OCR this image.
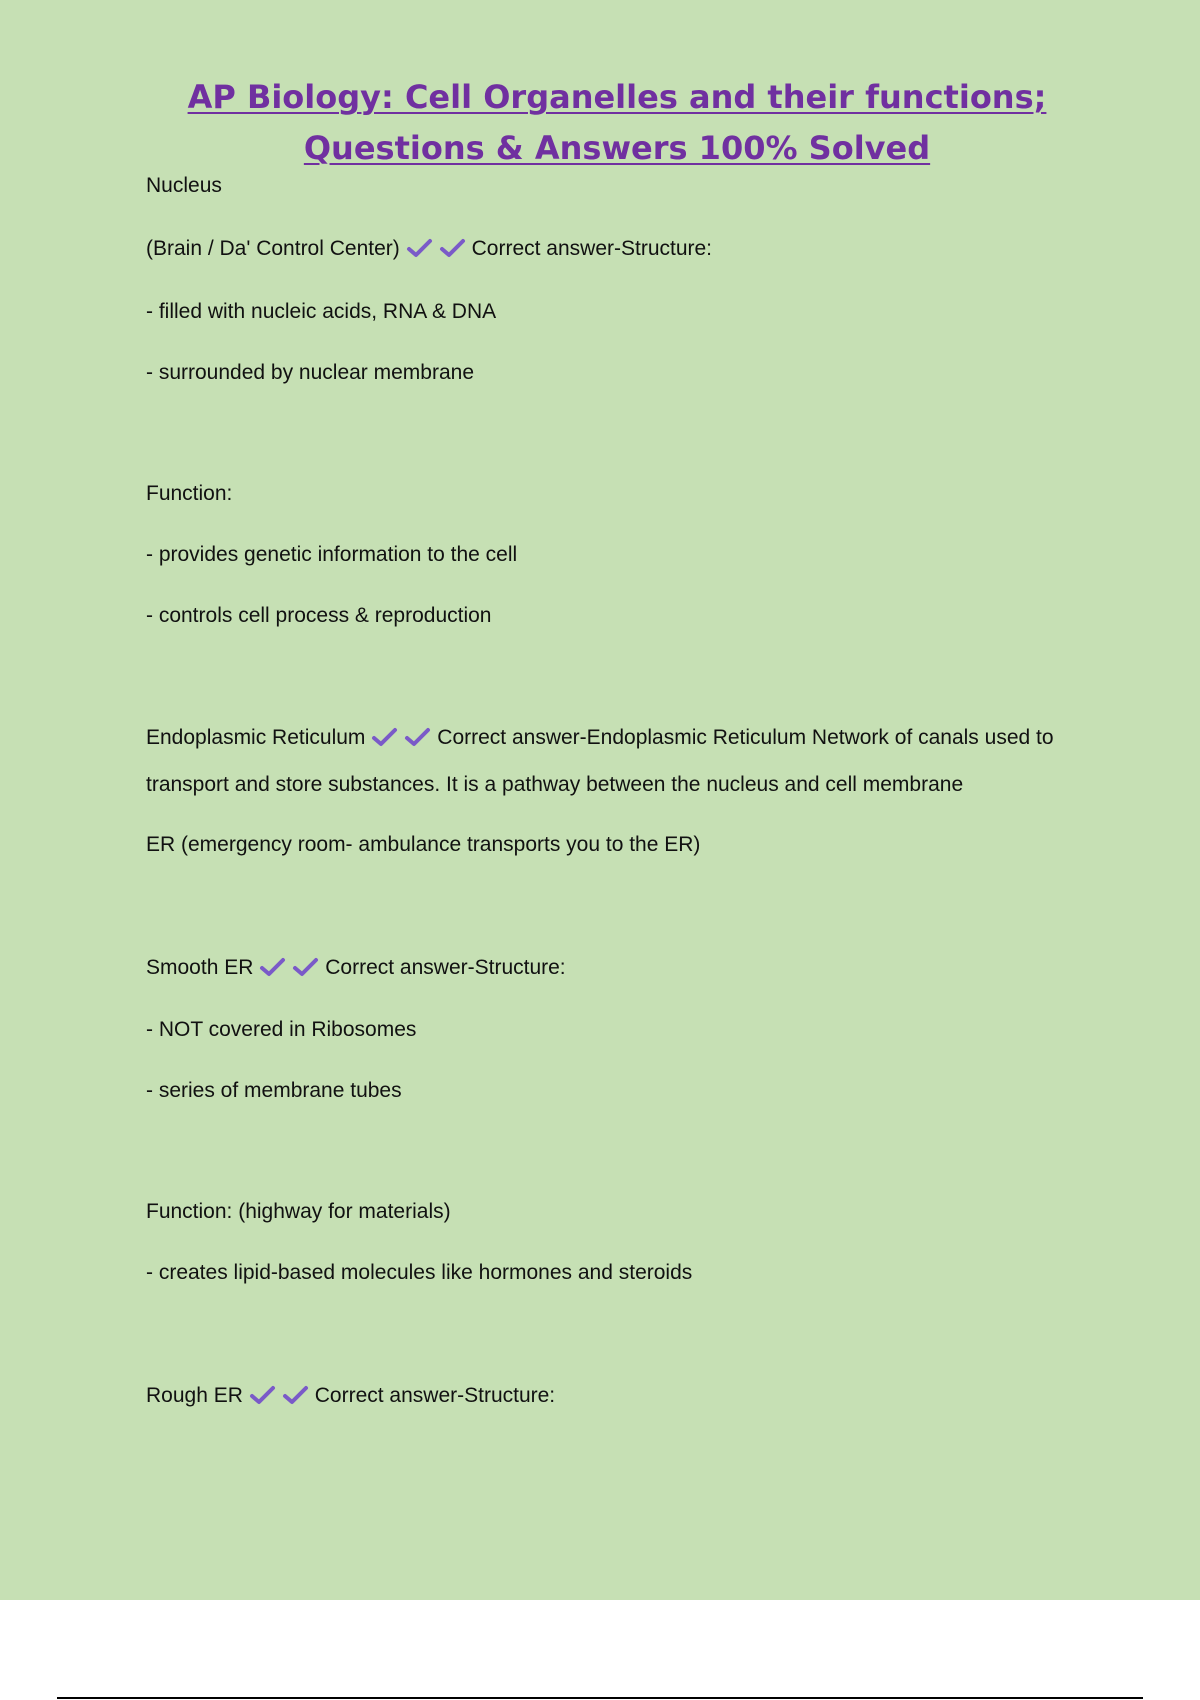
AP Biology: Cell Organelles and their functions;
Questions & Answers 100% Solved
Nucleus
(Brain / Da' Control Center)	Correct answer-Structure:
- filled with nucleic acids, RNA & DNA
- surrounded by nuclear membrane
Function:
- provides genetic information to the cell
- controls cell process & reproduction
Endoplasmic Reticulum	Correct answer-Endoplasmic Reticulum Network of canals used to transport and store substances. It is a pathway between the nucleus and cell membrane
ER (emergency room- ambulance transports you to the ER)
Smooth ER	Correct answer-Structure:
- NOT covered in Ribosomes
- series of membrane tubes
Function: (highway for materials)
- creates lipid-based molecules like hormones and steroids
Rough ER	Correct answer-Structure:
